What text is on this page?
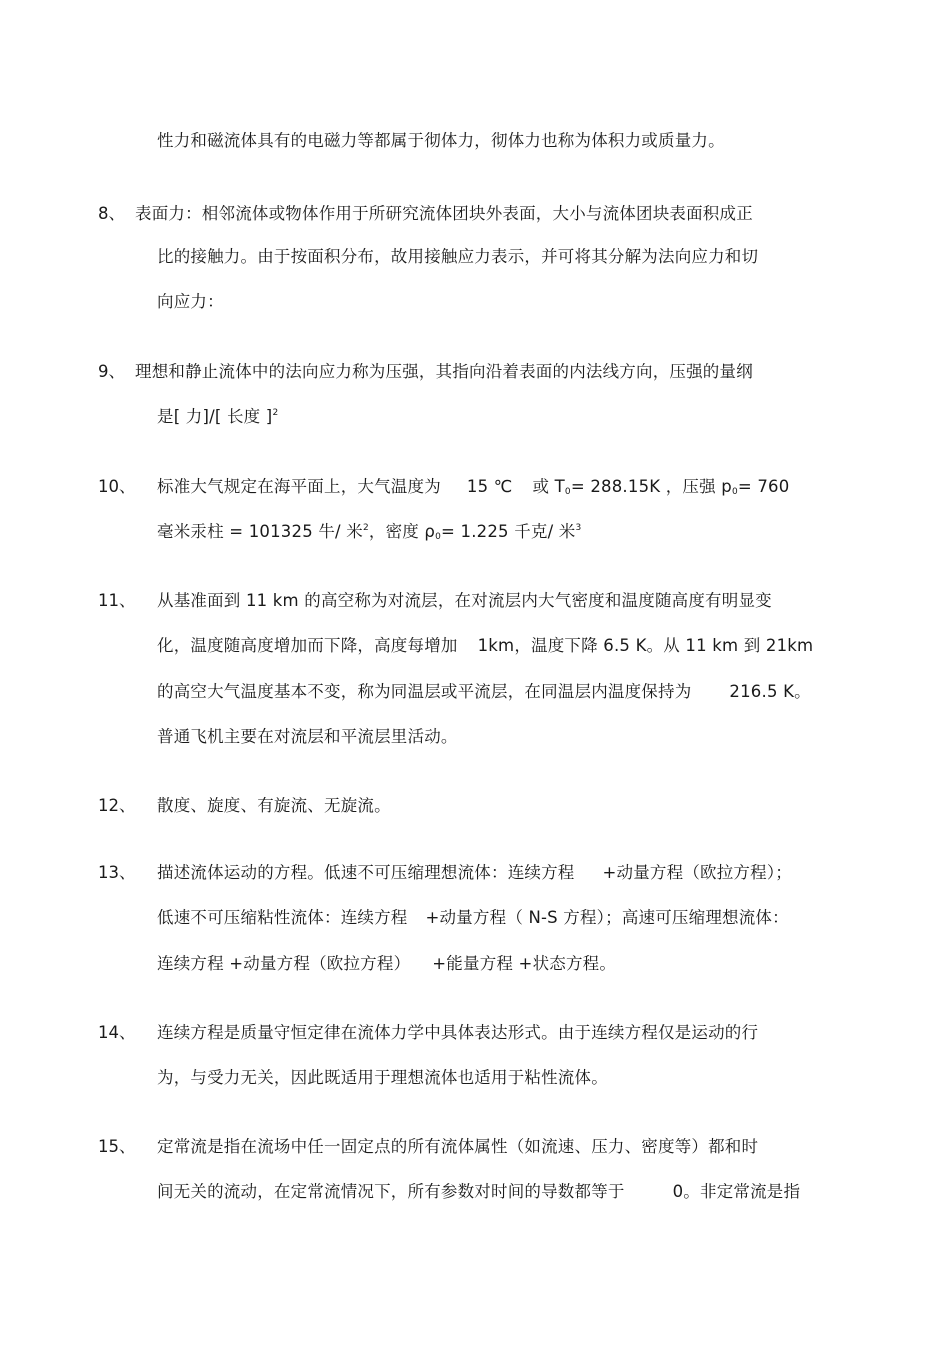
性力和磁流体具有的电磁力等都属于彻体力，彻体力也称为体积力或质量力。
8、 表面力：相邻流体或物体作用于所研究流体团块外表面，大小与流体团块表面积成正
比的接触力。由于按面积分布，故用接触应力表示，并可将其分解为法向应力和切
向应力：
9、 理想和静止流体中的法向应力称为压强，其指向沿着表面的内法线方向，压强的量纲
是[ 力]/[ 长度 ]$^2$
10、 标准大气规定在海平面上，大气温度为 15 ℃ 或 $T_0= 288.15K$ ，压强 $p_0= 760$
毫米汞柱 = 101325 牛/ 米$^2$，密度 $\rho_0= 1.225$ 千克/ 米$^3$
11、 从基准面到 11 km 的高空称为对流层，在对流层内大气密度和温度随高度有明显变
化，温度随高度增加而下降，高度每增加 1km，温度下降 6.5 K。从 11 km 到 21km
的高空大气温度基本不变，称为同温层或平流层，在同温层内温度保持为 216.5 K。
普通飞机主要在对流层和平流层里活动。
12、 散度、旋度、有旋流、无旋流。
13、 描述流体运动的方程。低速不可压缩理想流体：连续方程 +动量方程（欧拉方程）；
低速不可压缩粘性流体：连续方程 +动量方程（ N-S 方程）；高速可压缩理想流体：
连续方程 +动量方程（欧拉方程） +能量方程 +状态方程。
14、 连续方程是质量守恒定律在流体力学中具体表达形式。由于连续方程仅是运动的行
为，与受力无关，因此既适用于理想流体也适用于粘性流体。
15、 定常流是指在流场中任一固定点的所有流体属性（如流速、压力、密度等）都和时
间无关的流动，在定常流情况下，所有参数对时间的导数都等于	0。非定常流是指
